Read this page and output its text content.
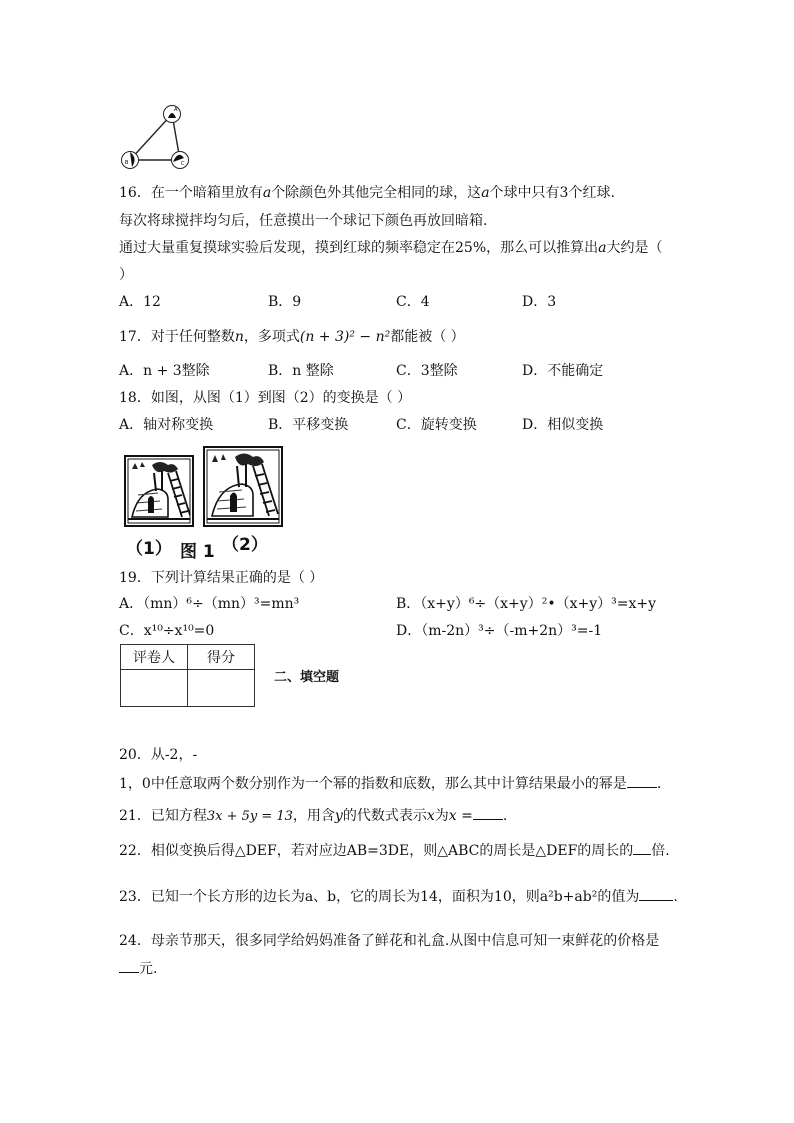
A
B	C
16．在一个暗箱里放有a个除颜色外其他完全相同的球，这a个球中只有3个红球.
每次将球搅拌均匀后，任意摸出一个球记下颜色再放回暗箱.
通过大量重复摸球实验后发现，摸到红球的频率稳定在25%，那么可以推算出a大约是（
）
A．12	B．9	C．4	D．3
17．对于任何整数n，多项式(n + 3)² − n²都能被（ ）
A．n + 3整除	B．n 整除	C．3整除	D．不能确定
18．如图，从图（1）到图（2）的变换是（ ）
A．轴对称变换	B．平移变换	C．旋转变换	D．相似变换
（1） 图 1 （2）
19．下列计算结果正确的是（ ）
A．（mn）⁶÷（mn）³=mn³	B．（x+y）⁶÷（x+y）²•（x+y）³=x+y
C．x¹⁰÷x¹⁰=0	D．（m-2n）³÷（-m+2n）³=-1
评卷人	得分

二、填空题
20．从-2，-
1，0中任意取两个数分别作为一个幂的指数和底数，那么其中计算结果最小的幂是 .
21．已知方程3x + 5y = 13，用含y的代数式表示x为x = .
22．相似变换后得△DEF，若对应边AB=3DE，则△ABC的周长是△DEF的周长的 倍.
23．已知一个长方形的边长为a、b，它的周长为14，面积为10，则a²b+ab²的值为 .
24．母亲节那天，很多同学给妈妈准备了鲜花和礼盒.从图中信息可知一束鲜花的价格是
元.
